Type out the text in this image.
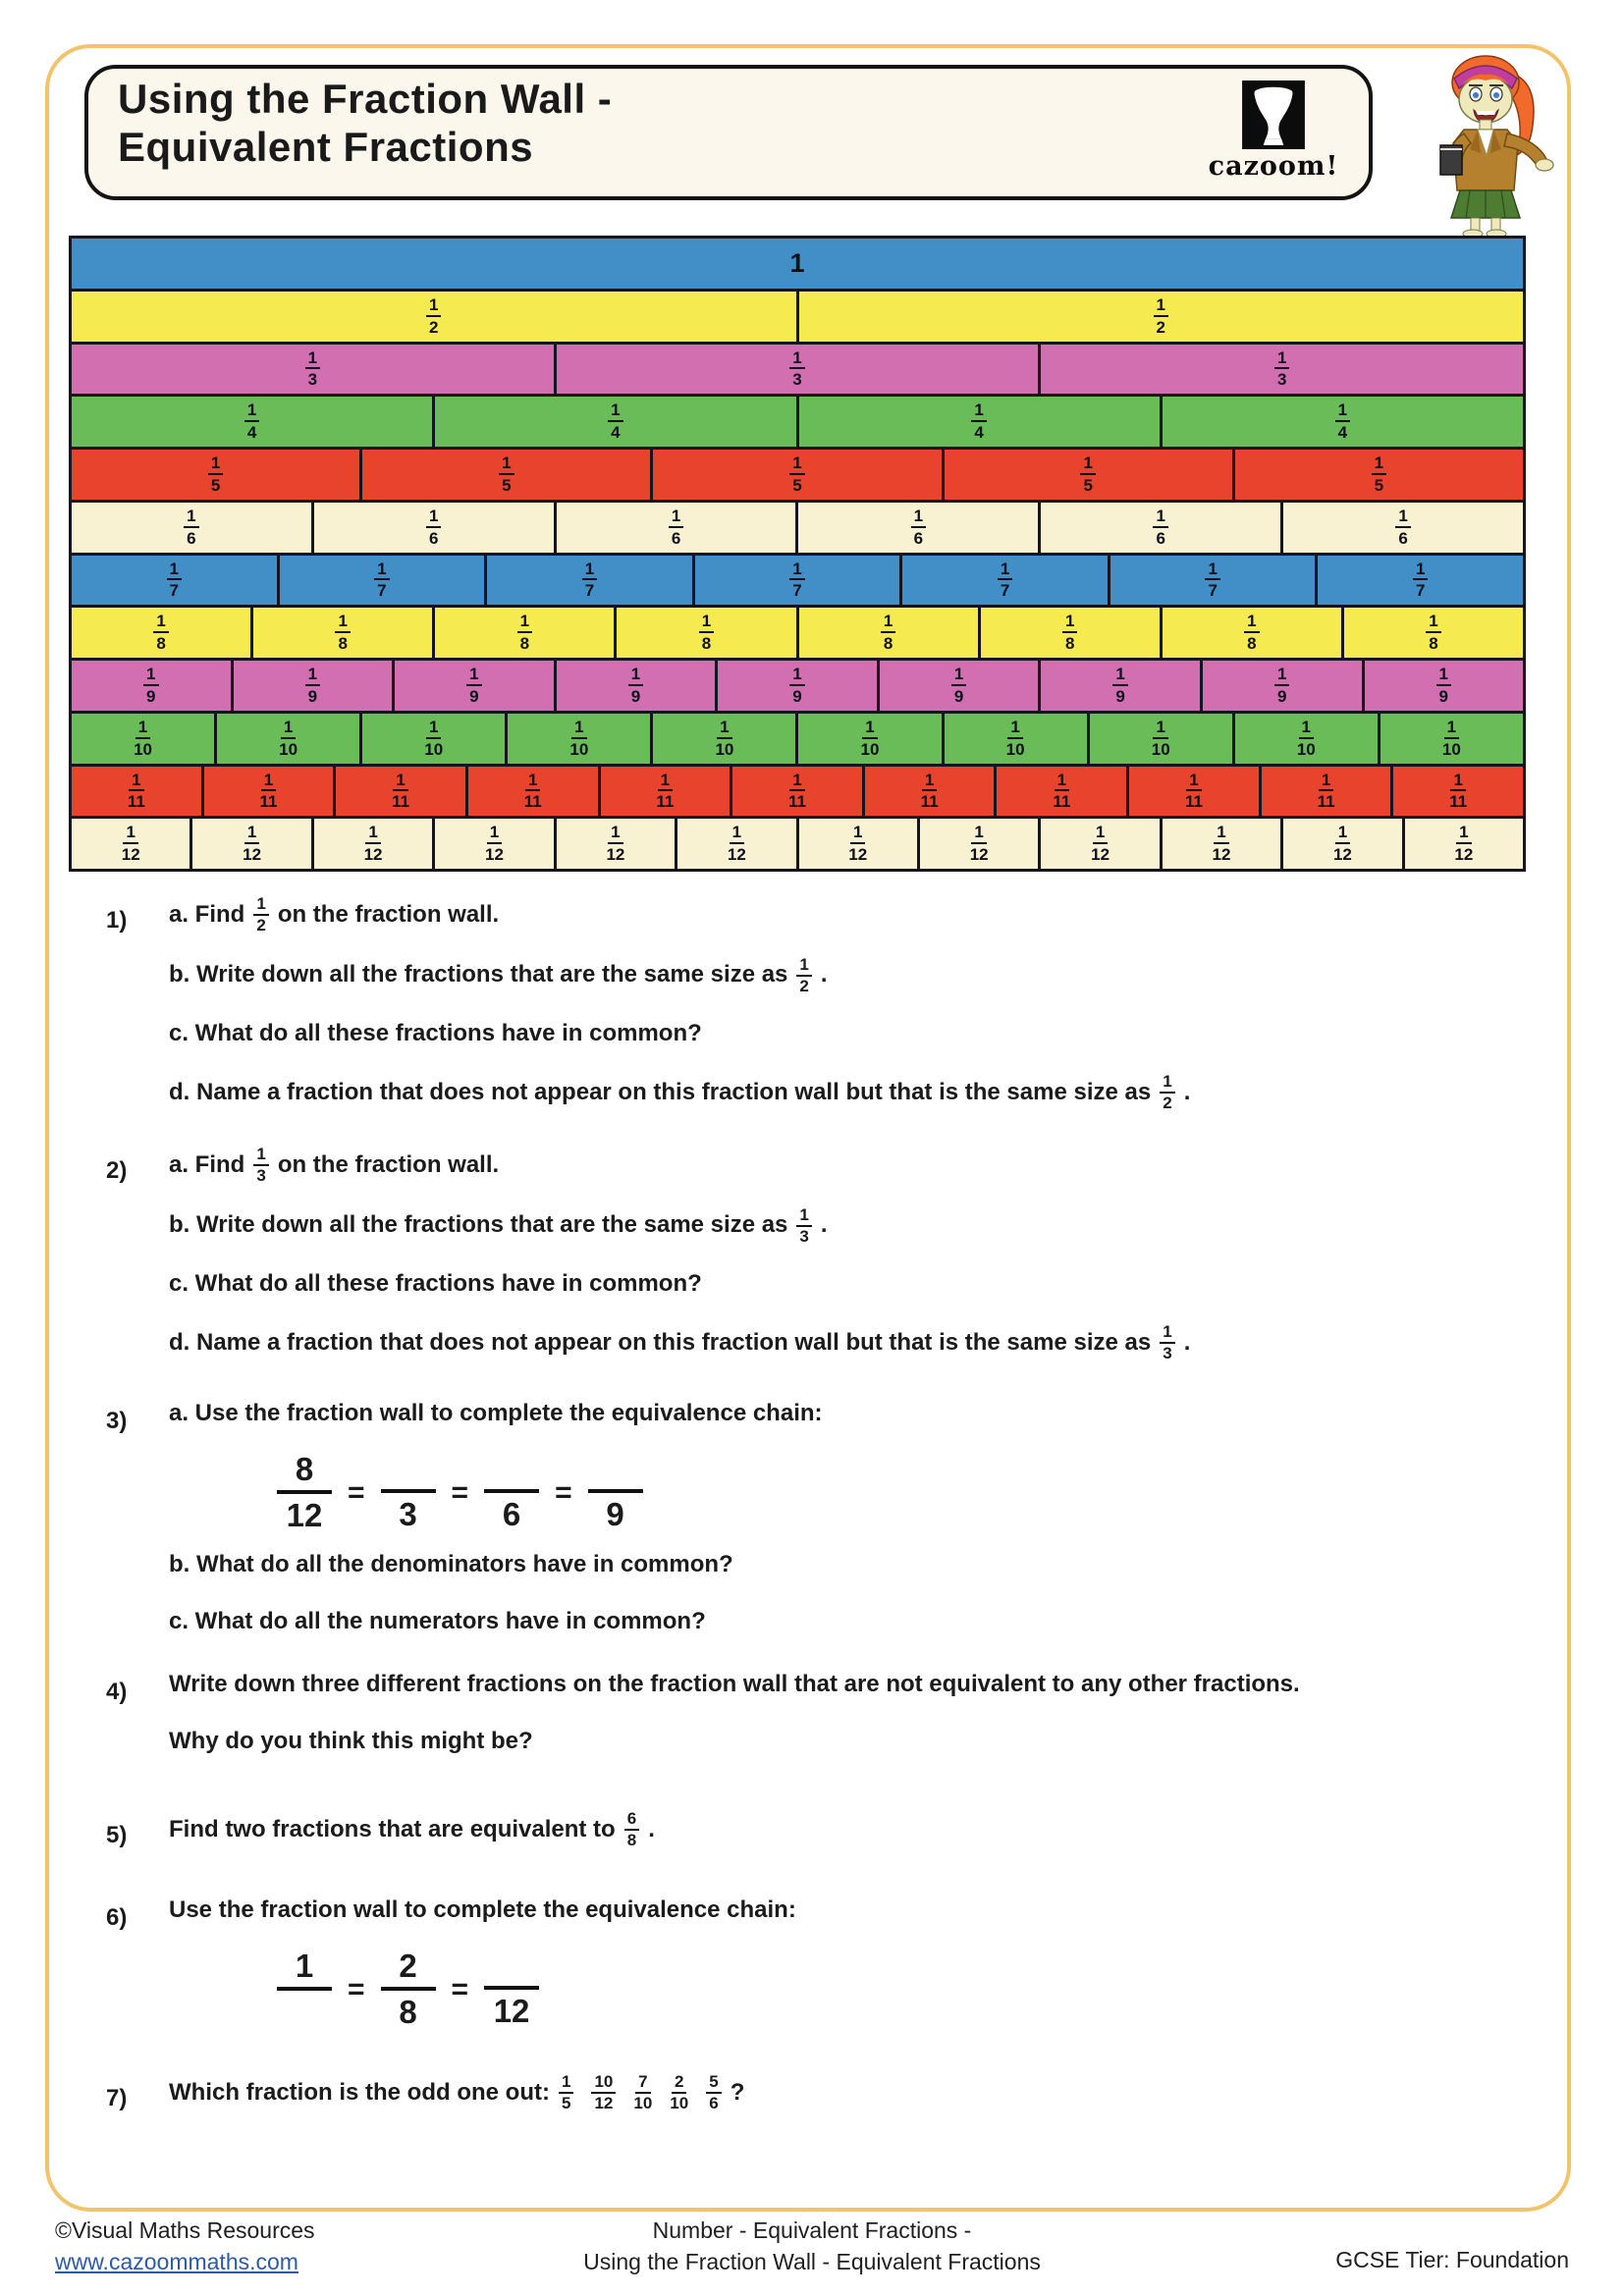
Using the Fraction Wall -
Equivalent Fractions	cazoom!
1
$\frac{1}{2}$	$\frac{1}{2}$
$\frac{1}{3}$	$\frac{1}{3}$	$\frac{1}{3}$
$\frac{1}{4}$	$\frac{1}{4}$	$\frac{1}{4}$	$\frac{1}{4}$
$\frac{1}{5}$	$\frac{1}{5}$	$\frac{1}{5}$	$\frac{1}{5}$	$\frac{1}{5}$
$\frac{1}{6}$	$\frac{1}{6}$	$\frac{1}{6}$	$\frac{1}{6}$	$\frac{1}{6}$	$\frac{1}{6}$
$\frac{1}{7}$	$\frac{1}{7}$	$\frac{1}{7}$	$\frac{1}{7}$	$\frac{1}{7}$	$\frac{1}{7}$	$\frac{1}{7}$
$\frac{1}{8}$	$\frac{1}{8}$	$\frac{1}{8}$	$\frac{1}{8}$	$\frac{1}{8}$	$\frac{1}{8}$	$\frac{1}{8}$	$\frac{1}{8}$
$\frac{1}{9}$	$\frac{1}{9}$	$\frac{1}{9}$	$\frac{1}{9}$	$\frac{1}{9}$	$\frac{1}{9}$	$\frac{1}{9}$	$\frac{1}{9}$	$\frac{1}{9}$
$\frac{1}{10}$	$\frac{1}{10}$	$\frac{1}{10}$	$\frac{1}{10}$	$\frac{1}{10}$	$\frac{1}{10}$	$\frac{1}{10}$	$\frac{1}{10}$	$\frac{1}{10}$	$\frac{1}{10}$
$\frac{1}{11}$	$\frac{1}{11}$	$\frac{1}{11}$	$\frac{1}{11}$	$\frac{1}{11}$	$\frac{1}{11}$	$\frac{1}{11}$	$\frac{1}{11}$	$\frac{1}{11}$	$\frac{1}{11}$	$\frac{1}{11}$
$\frac{1}{12}$	$\frac{1}{12}$	$\frac{1}{12}$	$\frac{1}{12}$	$\frac{1}{12}$	$\frac{1}{12}$	$\frac{1}{12}$	$\frac{1}{12}$	$\frac{1}{12}$	$\frac{1}{12}$	$\frac{1}{12}$	$\frac{1}{12}$
1)	a. Find $\frac{1}{2}$ on the fraction wall.
b. Write down all the fractions that are the same size as $\frac{1}{2}$ .
c. What do all these fractions have in common?
d. Name a fraction that does not appear on this fraction wall but that is the same size as $\frac{1}{2}$ .
2)	a. Find $\frac{1}{3}$ on the fraction wall.
b. Write down all the fractions that are the same size as $\frac{1}{3}$ .
c. What do all these fractions have in common?
d. Name a fraction that does not appear on this fraction wall but that is the same size as $\frac{1}{3}$ .
3)	a. Use the fraction wall to complete the equivalence chain:
$\frac{8}{12}$ =
3
=
6
=
9
b. What do all the denominators have in common?
c. What do all the numerators have in common?
4)	Write down three different fractions on the fraction wall that are not equivalent to any other fractions.
Why do you think this might be?
5)	Find two fractions that are equivalent to $\frac{6}{8}$ .
6)	Use the fraction wall to complete the equivalence chain:
1
= $\frac{2}{8}$ =
12
7)	Which fraction is the odd one out: $\frac{1}{5} \frac{10}{12} \frac{7}{10} \frac{2}{10} \frac{5}{6}$ ?
©Visual Maths Resources
www.cazoommaths.com
Number - Equivalent Fractions -
Using the Fraction Wall - Equivalent Fractions	GCSE Tier: Foundation
